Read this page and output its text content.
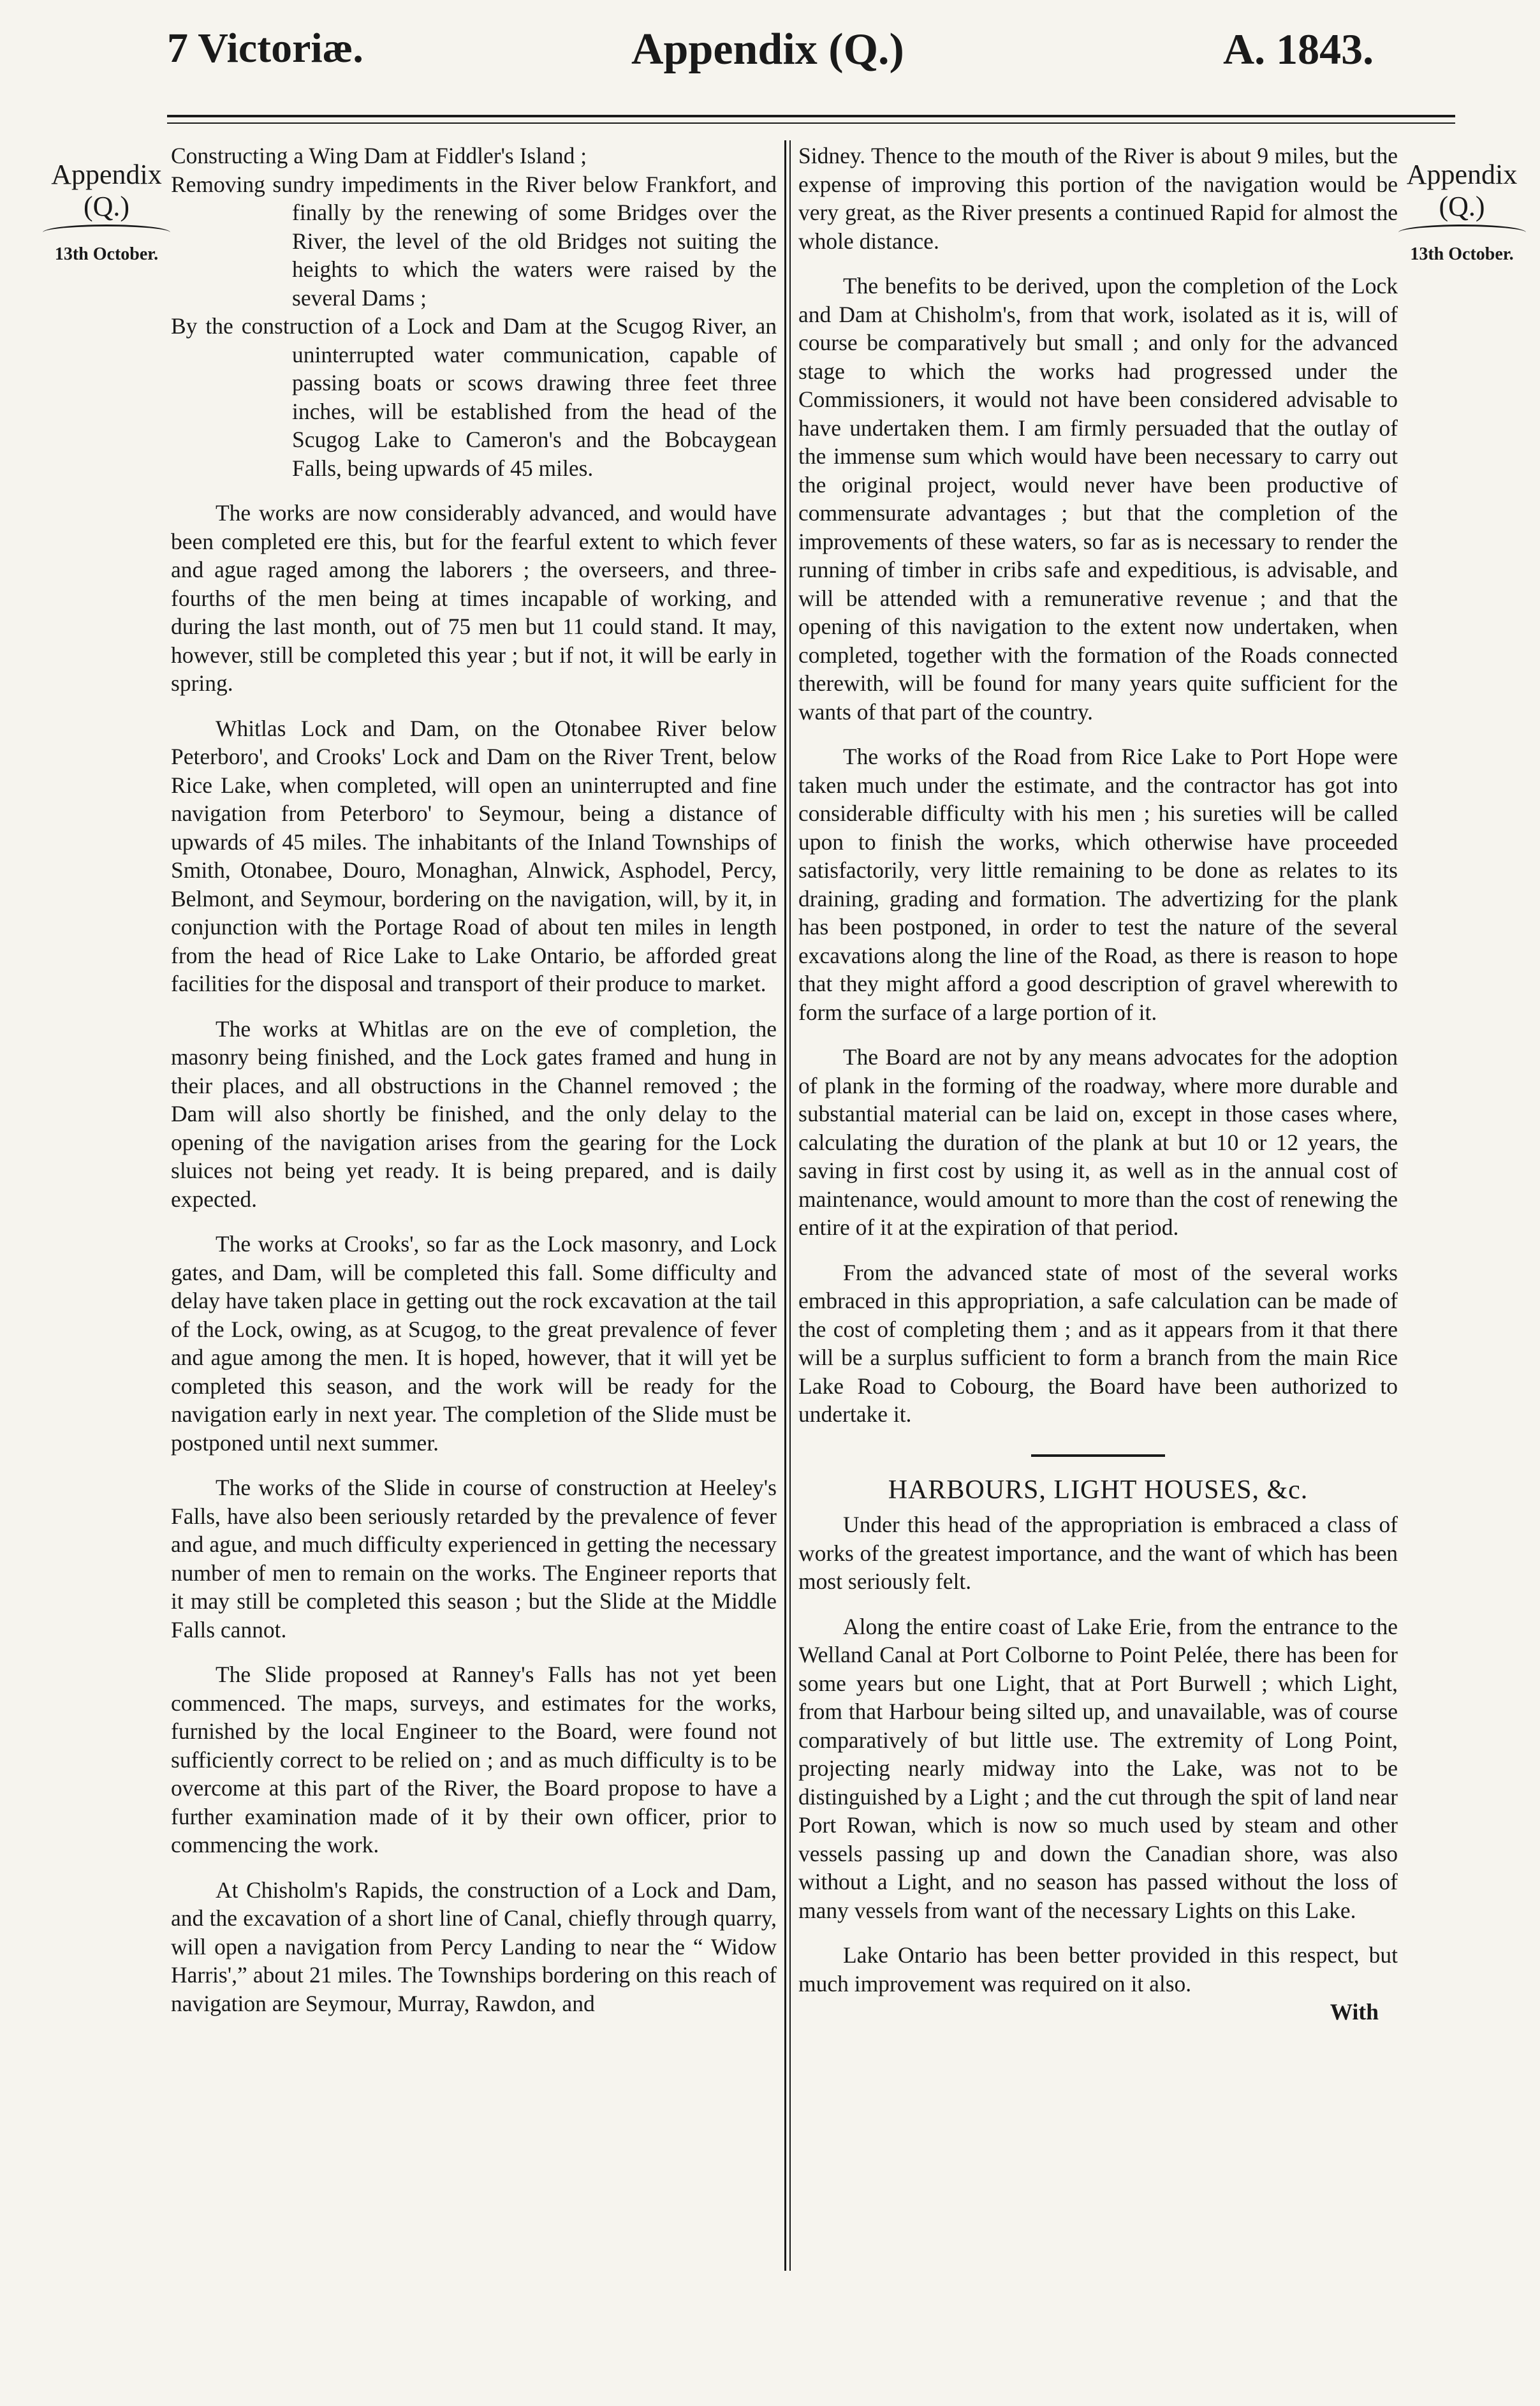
7 Victoriæ.	Appendix (Q.)	A. 1843.
Appendix
(Q.)
13th October.
Appendix
(Q.)
13th October.

Constructing a Wing Dam at Fiddler's Island ;

Removing sundry impediments in the River below Frankfort, and finally by the renewing of some Bridges over the River, the level of the old Bridges not suiting the heights to which the waters were raised by the several Dams ;

By the construction of a Lock and Dam at the Scugog River, an uninterrupted water communication, capable of passing boats or scows drawing three feet three inches, will be established from the head of the Scugog Lake to Cameron's and the Bobcaygean Falls, being upwards of 45 miles.

The works are now considerably advanced, and would have been completed ere this, but for the fearful extent to which fever and ague raged among the laborers ; the overseers, and three-fourths of the men being at times incapable of working, and during the last month, out of 75 men but 11 could stand. It may, however, still be completed this year ; but if not, it will be early in spring.

Whitlas Lock and Dam, on the Otonabee River below Peterboro', and Crooks' Lock and Dam on the River Trent, below Rice Lake, when completed, will open an uninterrupted and fine navigation from Peterboro' to Seymour, being a distance of upwards of 45 miles. The inhabitants of the Inland Townships of Smith, Otonabee, Douro, Monaghan, Alnwick, Asphodel, Percy, Belmont, and Seymour, bordering on the navigation, will, by it, in conjunction with the Portage Road of about ten miles in length from the head of Rice Lake to Lake Ontario, be afforded great facilities for the disposal and transport of their produce to market.

The works at Whitlas are on the eve of completion, the masonry being finished, and the Lock gates framed and hung in their places, and all obstructions in the Channel removed ; the Dam will also shortly be finished, and the only delay to the opening of the navigation arises from the gearing for the Lock sluices not being yet ready. It is being prepared, and is daily expected.

The works at Crooks', so far as the Lock masonry, and Lock gates, and Dam, will be completed this fall. Some difficulty and delay have taken place in getting out the rock excavation at the tail of the Lock, owing, as at Scugog, to the great prevalence of fever and ague among the men. It is hoped, however, that it will yet be completed this season, and the work will be ready for the navigation early in next year. The completion of the Slide must be postponed until next summer.

The works of the Slide in course of construction at Heeley's Falls, have also been seriously retarded by the prevalence of fever and ague, and much difficulty experienced in getting the necessary number of men to remain on the works. The Engineer reports that it may still be completed this season ; but the Slide at the Middle Falls cannot.

The Slide proposed at Ranney's Falls has not yet been commenced. The maps, surveys, and estimates for the works, furnished by the local Engineer to the Board, were found not sufficiently correct to be relied on ; and as much difficulty is to be overcome at this part of the River, the Board propose to have a further examination made of it by their own officer, prior to commencing the work.

At Chisholm's Rapids, the construction of a Lock and Dam, and the excavation of a short line of Canal, chiefly through quarry, will open a navigation from Percy Landing to near the “ Widow Harris',” about 21 miles. The Townships bordering on this reach of navigation are Seymour, Murray, Rawdon, and

Sidney. Thence to the mouth of the River is about 9 miles, but the expense of improving this portion of the navigation would be very great, as the River presents a continued Rapid for almost the whole distance.

The benefits to be derived, upon the completion of the Lock and Dam at Chisholm's, from that work, isolated as it is, will of course be comparatively but small ; and only for the advanced stage to which the works had progressed under the Commissioners, it would not have been considered advisable to have undertaken them. I am firmly persuaded that the outlay of the immense sum which would have been necessary to carry out the original project, would never have been productive of commensurate advantages ; but that the completion of the improvements of these waters, so far as is necessary to render the running of timber in cribs safe and expeditious, is advisable, and will be attended with a remunerative revenue ; and that the opening of this navigation to the extent now undertaken, when completed, together with the formation of the Roads connected therewith, will be found for many years quite sufficient for the wants of that part of the country.

The works of the Road from Rice Lake to Port Hope were taken much under the estimate, and the contractor has got into considerable difficulty with his men ; his sureties will be called upon to finish the works, which otherwise have proceeded satisfactorily, very little remaining to be done as relates to its draining, grading and formation. The advertizing for the plank has been postponed, in order to test the nature of the several excavations along the line of the Road, as there is reason to hope that they might afford a good description of gravel wherewith to form the surface of a large portion of it.

The Board are not by any means advocates for the adoption of plank in the forming of the roadway, where more durable and substantial material can be laid on, except in those cases where, calculating the duration of the plank at but 10 or 12 years, the saving in first cost by using it, as well as in the annual cost of maintenance, would amount to more than the cost of renewing the entire of it at the expiration of that period.

From the advanced state of most of the several works embraced in this appropriation, a safe calculation can be made of the cost of completing them ; and as it appears from it that there will be a surplus sufficient to form a branch from the main Rice Lake Road to Cobourg, the Board have been authorized to undertake it.

HARBOURS, LIGHT HOUSES, &c.

Under this head of the appropriation is embraced a class of works of the greatest importance, and the want of which has been most seriously felt.

Along the entire coast of Lake Erie, from the entrance to the Welland Canal at Port Colborne to Point Pelée, there has been for some years but one Light, that at Port Burwell ; which Light, from that Harbour being silted up, and unavailable, was of course comparatively of but little use. The extremity of Long Point, projecting nearly midway into the Lake, was not to be distinguished by a Light ; and the cut through the spit of land near Port Rowan, which is now so much used by steam and other vessels passing up and down the Canadian shore, was also without a Light, and no season has passed without the loss of many vessels from want of the necessary Lights on this Lake.

Lake Ontario has been better provided in this respect, but much improvement was required on it also.

With
